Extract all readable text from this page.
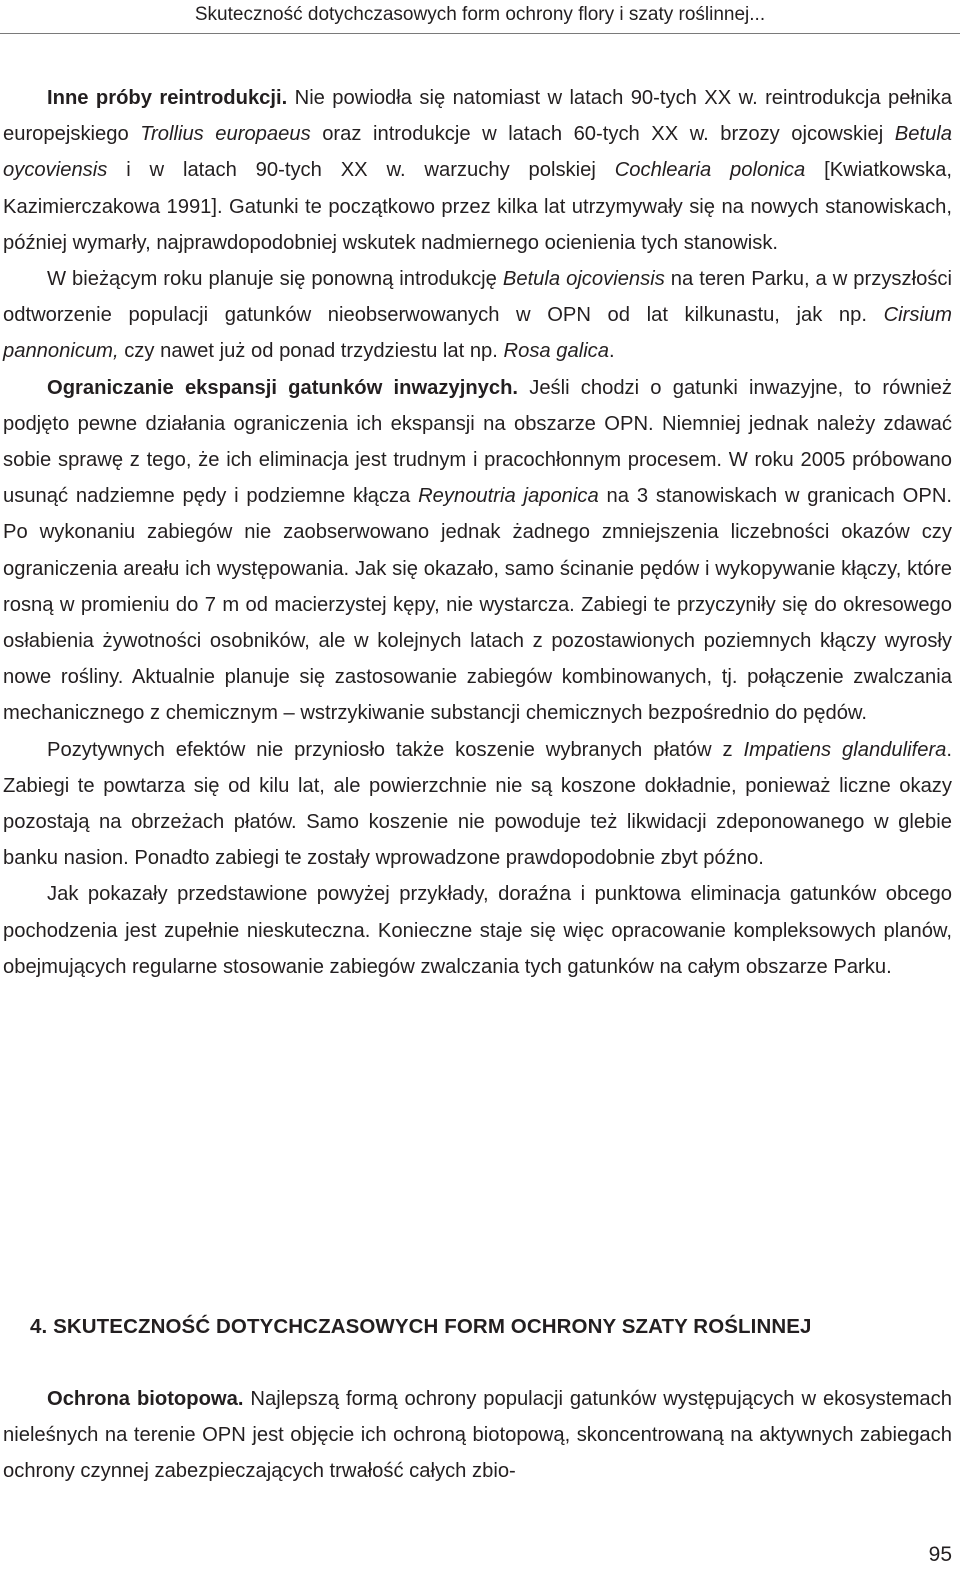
Skuteczność dotychczasowych form ochrony flory i szaty roślinnej...

Inne próby reintrodukcji. Nie powiodła się natomiast w latach 90-tych XX w. reintrodukcja pełnika europejskiego Trollius europaeus oraz introdukcje w latach 60-tych XX w. brzozy ojcowskiej Betula oycoviensis i w latach 90-tych XX w. warzuchy polskiej Cochlearia polonica [Kwiatkowska, Kazimierczakowa 1991]. Gatunki te początkowo przez kilka lat utrzymywały się na nowych stanowiskach, później wymarły, najprawdopodobniej wskutek nadmiernego ocienienia tych stanowisk.

W bieżącym roku planuje się ponowną introdukcję Betula ojcoviensis na teren Parku, a w przyszłości odtworzenie populacji gatunków nieobserwowanych w OPN od lat kilkunastu, jak np. Cirsium pannonicum, czy nawet już od ponad trzydziestu lat np. Rosa galica.

Ograniczanie ekspansji gatunków inwazyjnych. Jeśli chodzi o gatunki inwazyjne, to również podjęto pewne działania ograniczenia ich ekspansji na obszarze OPN. Niemniej jednak należy zdawać sobie sprawę z tego, że ich eliminacja jest trudnym i pracochłonnym procesem. W roku 2005 próbowano usunąć nadziemne pędy i podziemne kłącza Reynoutria japonica na 3 stanowiskach w granicach OPN. Po wykonaniu zabiegów nie zaobserwowano jednak żadnego zmniejszenia liczebności okazów czy ograniczenia areału ich występowania. Jak się okazało, samo ścinanie pędów i wykopywanie kłączy, które rosną w promieniu do 7 m od macierzystej kępy, nie wystarcza. Zabiegi te przyczyniły się do okresowego osłabienia żywotności osobników, ale w kolejnych latach z pozostawionych poziemnych kłączy wyrosły nowe rośliny. Aktualnie planuje się zastosowanie zabiegów kombinowanych, tj. połączenie zwalczania mechanicznego z chemicznym – wstrzykiwanie substancji chemicznych bezpośrednio do pędów.

Pozytywnych efektów nie przyniosło także koszenie wybranych płatów z Impatiens glandulifera. Zabiegi te powtarza się od kilu lat, ale powierzchnie nie są koszone dokładnie, ponieważ liczne okazy pozostają na obrzeżach płatów. Samo koszenie nie powoduje też likwidacji zdeponowanego w glebie banku nasion. Ponadto zabiegi te zostały wprowadzone prawdopodobnie zbyt późno.

Jak pokazały przedstawione powyżej przykłady, doraźna i punktowa eliminacja gatunków obcego pochodzenia jest zupełnie nieskuteczna. Konieczne staje się więc opracowanie kompleksowych planów, obejmujących regularne stosowanie zabiegów zwalczania tych gatunków na całym obszarze Parku.

4. SKUTECZNOŚĆ DOTYCHCZASOWYCH FORM OCHRONY SZATY ROŚLINNEJ

Ochrona biotopowa. Najlepszą formą ochrony populacji gatunków występujących w ekosystemach nieleśnych na terenie OPN jest objęcie ich ochroną biotopową, skoncentrowaną na aktywnych zabiegach ochrony czynnej zabezpieczających trwałość całych zbio-

95
